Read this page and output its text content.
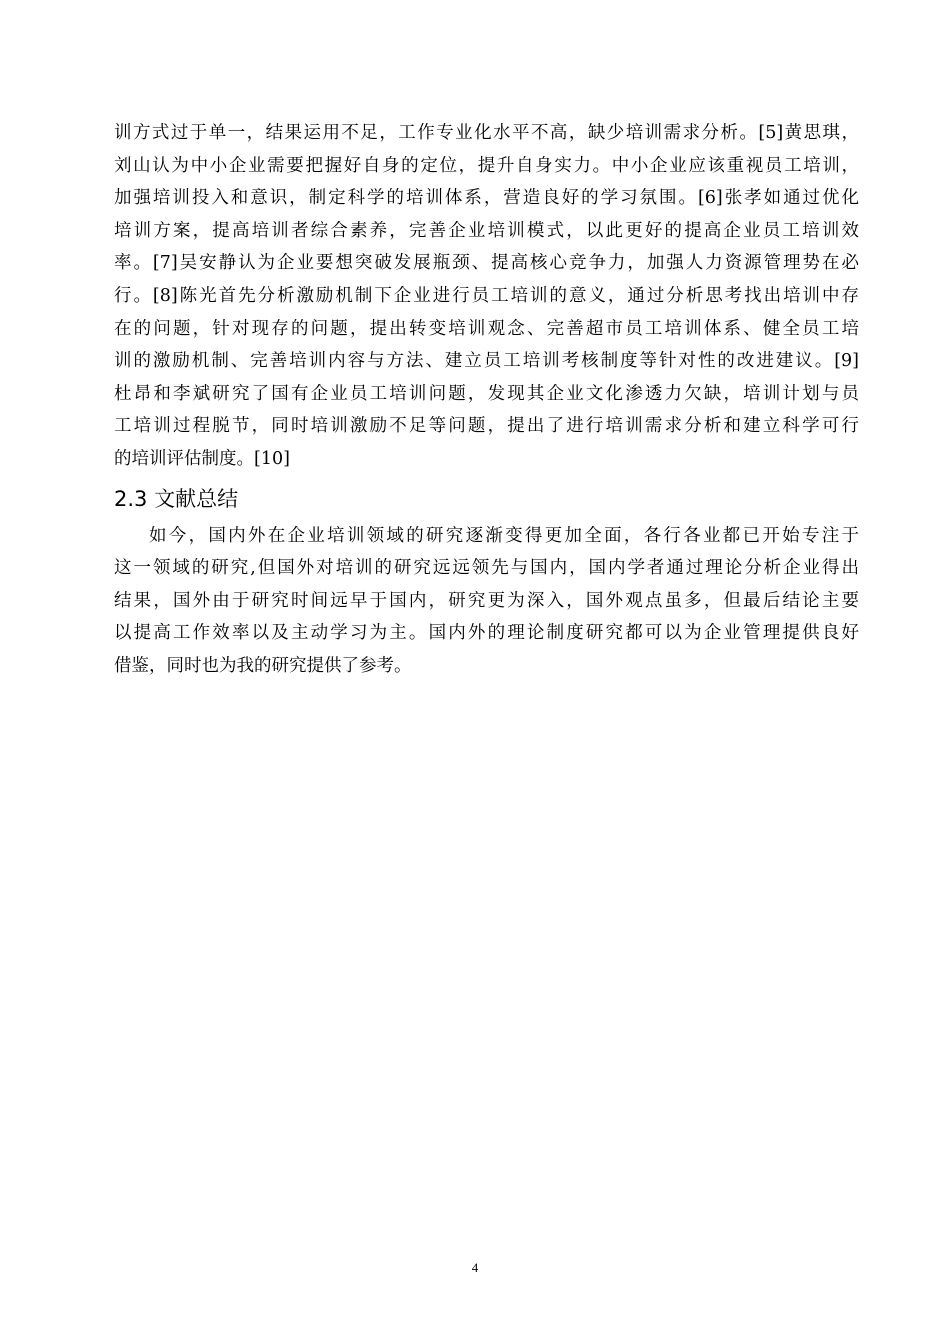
训方式过于单一，结果运用不足，工作专业化水平不高，缺少培训需求分析。[5]黄思琪，
刘山认为中小企业需要把握好自身的定位，提升自身实力。中小企业应该重视员工培训，
加强培训投入和意识，制定科学的培训体系，营造良好的学习氛围。[6]张孝如通过优化
培训方案，提高培训者综合素养，完善企业培训模式，以此更好的提高企业员工培训效
率。[7]吴安静认为企业要想突破发展瓶颈、提高核心竞争力，加强人力资源管理势在必
行。[8]陈光首先分析激励机制下企业进行员工培训的意义，通过分析思考找出培训中存
在的问题，针对现存的问题，提出转变培训观念、完善超市员工培训体系、健全员工培
训的激励机制、完善培训内容与方法、建立员工培训考核制度等针对性的改进建议。[9]
杜昂和李斌研究了国有企业员工培训问题，发现其企业文化渗透力欠缺，培训计划与员
工培训过程脱节，同时培训激励不足等问题，提出了进行培训需求分析和建立科学可行
的培训评估制度。[10]
2.3 文献总结
如今，国内外在企业培训领域的研究逐渐变得更加全面，各行各业都已开始专注于
这一领域的研究,但国外对培训的研究远远领先与国内，国内学者通过理论分析企业得出
结果，国外由于研究时间远早于国内，研究更为深入，国外观点虽多，但最后结论主要
以提高工作效率以及主动学习为主。国内外的理论制度研究都可以为企业管理提供良好
借鉴，同时也为我的研究提供了参考。
4
